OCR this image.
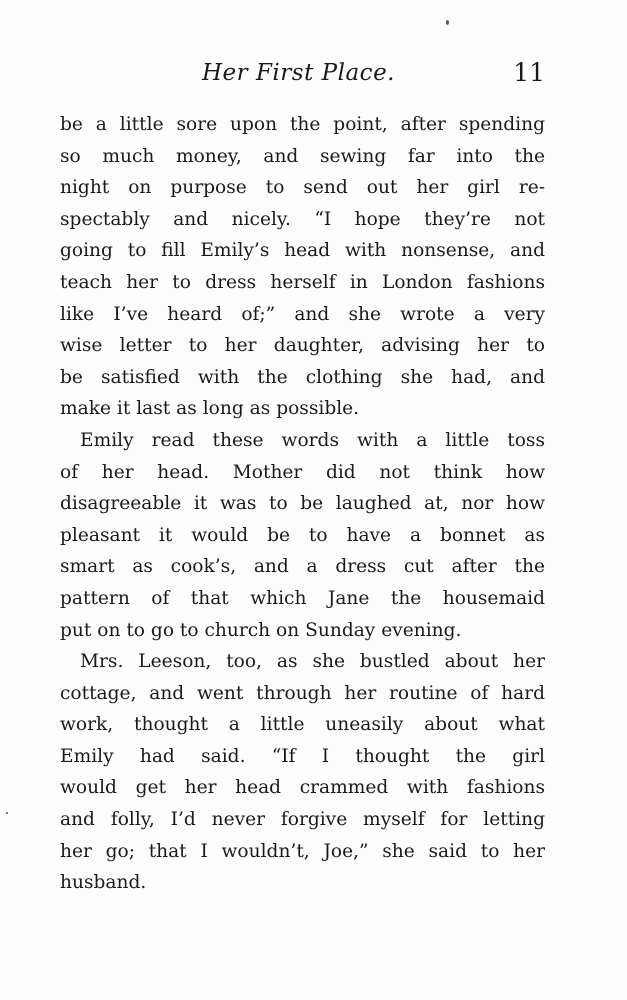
Her First Place.	11
be a little sore upon the point, after spending
so much money, and sewing far into the
night on purpose to send out her girl re-
spectably and nicely. “I hope they’re not
going to fill Emily’s head with nonsense, and
teach her to dress herself in London fashions
like I’ve heard of;” and she wrote a very
wise letter to her daughter, advising her to
be satisfied with the clothing she had, and
make it last as long as possible.
Emily read these words with a little toss
of her head. Mother did not think how
disagreeable it was to be laughed at, nor how
pleasant it would be to have a bonnet as
smart as cook’s, and a dress cut after the
pattern of that which Jane the housemaid
put on to go to church on Sunday evening.
Mrs. Leeson, too, as she bustled about her
cottage, and went through her routine of hard
work, thought a little uneasily about what
Emily had said. “If I thought the girl
would get her head crammed with fashions
and folly, I’d never forgive myself for letting
her go; that I wouldn’t, Joe,” she said to her
husband.
